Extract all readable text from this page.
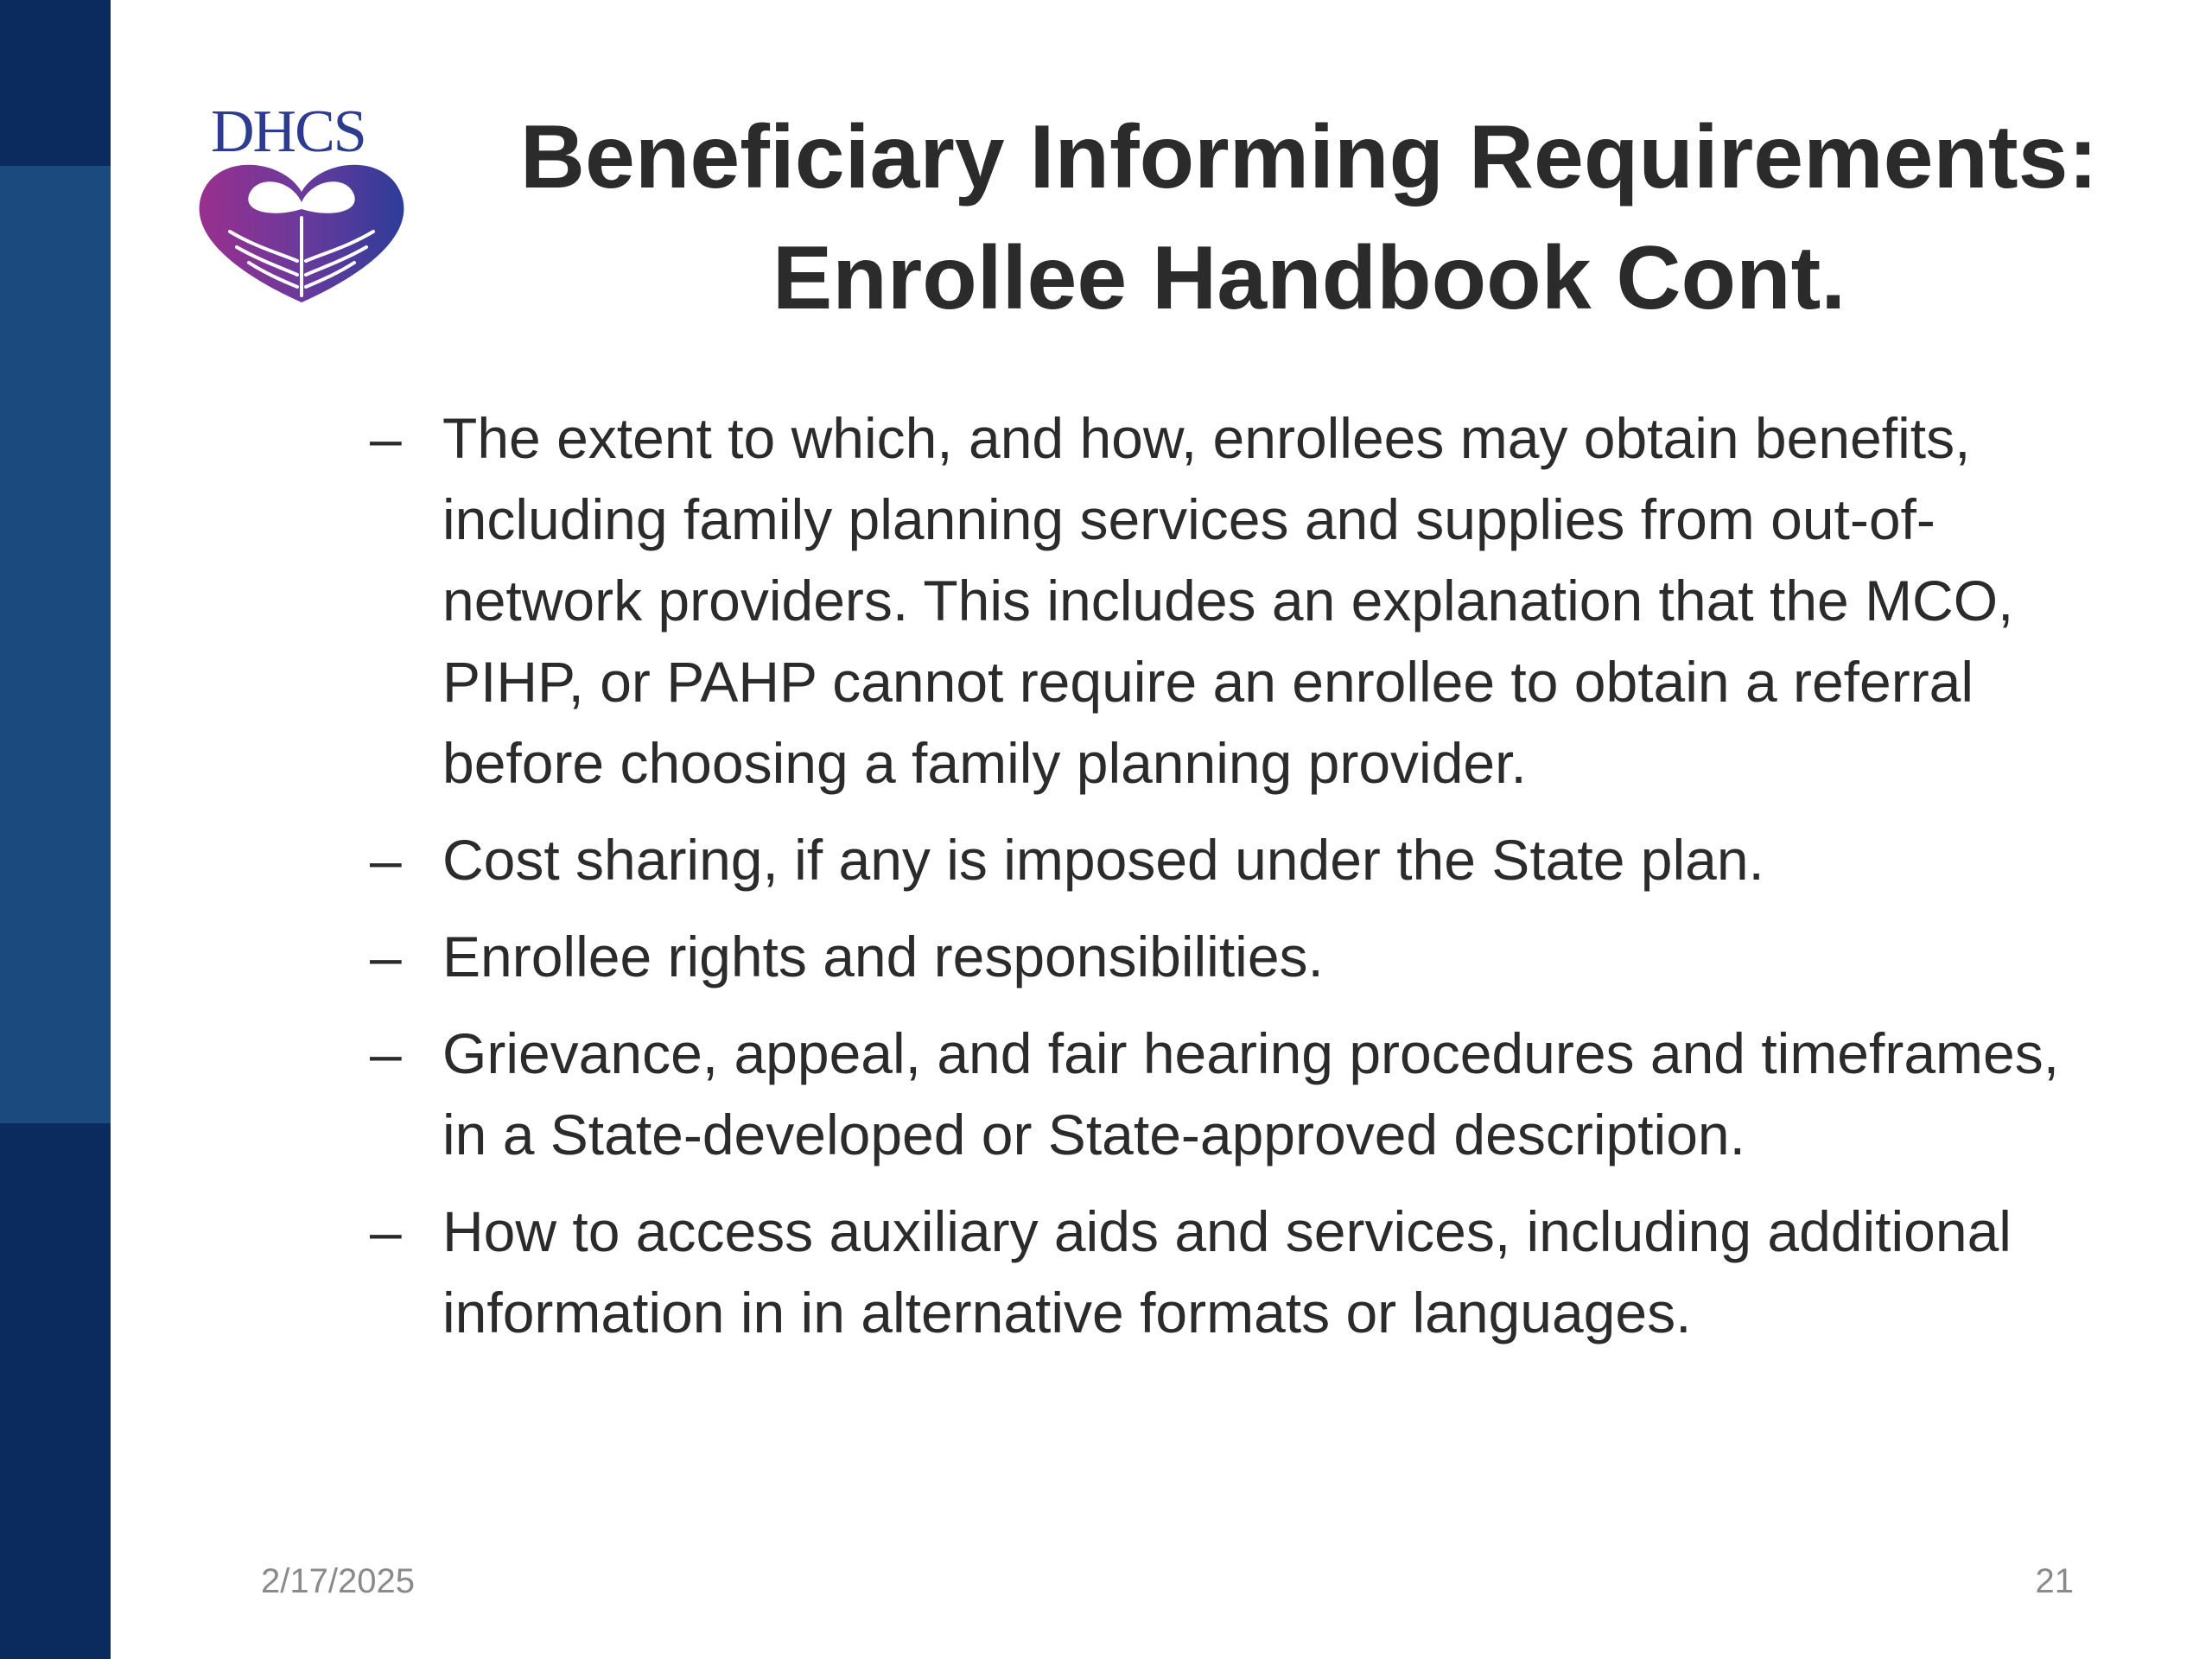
DHCS	Beneficiary Informing Requirements:
Enrollee Handbook Cont.
– The extent to which, and how, enrollees may obtain benefits, including family planning services and supplies from out-of-network providers. This includes an explanation that the MCO, PIHP, or PAHP cannot require an enrollee to obtain a referral before choosing a family planning provider.
– Cost sharing, if any is imposed under the State plan.
– Enrollee rights and responsibilities.
– Grievance, appeal, and fair hearing procedures and timeframes, in a State-developed or State-approved description.
– How to access auxiliary aids and services, including additional information in in alternative formats or languages.
2/17/2025	21
